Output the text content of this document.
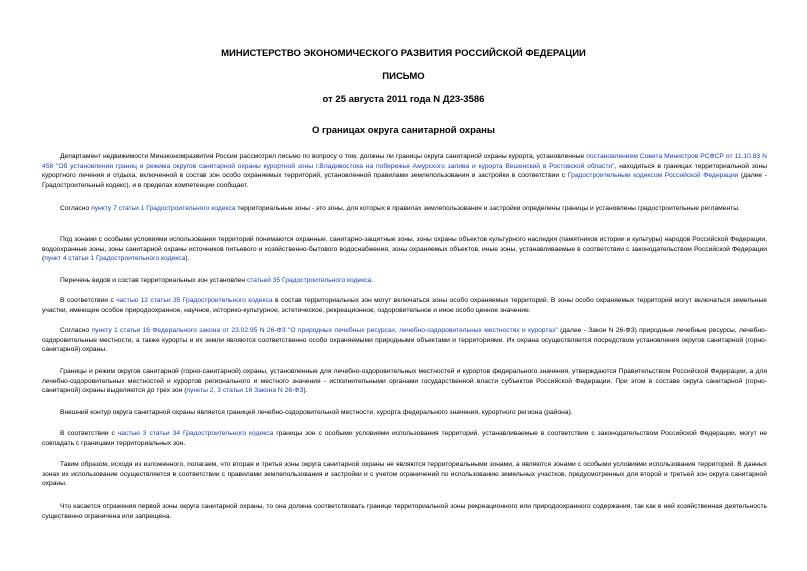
МИНИСТЕРСТВО ЭКОНОМИЧЕСКОГО РАЗВИТИЯ РОССИЙСКОЙ ФЕДЕРАЦИИ
ПИСЬМО
от 25 августа 2011 года N Д23-3586
О границах округа санитарной охраны

Департамент недвижимости Минэкономразвития России рассмотрел письмо по вопросу о том, должны ли границы округа санитарной охраны курорта, установленные постановлением Совета Министров РСФСР от 11.10.83 N 458 "Об установлении границ и режима округов санитарной охраны курортной зоны г.Владивостока на побережье Амурского залива и курорта Вешенский в Ростовской области", находиться в границах территориальной зоны курортного лечения и отдыха, включенной в состав зон особо охраняемых территорий, установленной правилами землепользования и застройки в соответствии с Градостроительным кодексом Российской Федерации (далее - Градостроительный кодекс), и в пределах компетенции сообщает.

Согласно пункту 7 статьи 1 Градостроительного кодекса территориальные зоны - это зоны, для которых в правилах землепользования и застройки определены границы и установлены градостроительные регламенты.

Под зонами с особыми условиями использования территорий понимаются охранные, санитарно-защитные зоны, зоны охраны объектов культурного наследия (памятников истории и культуры) народов Российской Федерации, водоохранные зоны, зоны санитарной охраны источников питьевого и хозяйственно-бытового водоснабжения, зоны охраняемых объектов, иные зоны, устанавливаемые в соответствии с законодательством Российской Федерации (пункт 4 статьи 1 Градостроительного кодекса).

Перечень видов и состав территориальных зон установлен статьей 35 Градостроительного кодекса.

В соответствии с частью 12 статьи 35 Градостроительного кодекса в состав территориальных зон могут включаться зоны особо охраняемых территорий. В зоны особо охраняемых территорий могут включаться земельные участки, имеющие особое природоохранное, научное, историко-культурное, эстетическое, рекреационное, оздоровительное и иное особо ценное значение.

Согласно пункту 1 статьи 16 Федерального закона от 23.02.95 N 26-ФЗ "О природных лечебных ресурсах, лечебно-оздоровительных местностях и курортах" (далее - Закон N 26-ФЗ) природные лечебные ресурсы, лечебно-оздоровительные местности, а также курорты и их земли являются соответственно особо охраняемыми природными объектами и территориями. Их охрана осуществляется посредством установления округов санитарной (горно-санитарной) охраны.

Границы и режим округов санитарной (горно-санитарной) охраны, установленные для лечебно-оздоровительных местностей и курортов федерального значения, утверждаются Правительством Российской Федерации, а для лечебно-оздоровительных местностей и курортов регионального и местного значения - исполнительными органами государственной власти субъектов Российской Федерации. При этом в составе округа санитарной (горно-санитарной) охраны выделяются до трех зон (пункты 2, 3 статьи 16 Закона N 26-ФЗ).

Внешний контур округа санитарной охраны является границей лечебно-оздоровительной местности, курорта федерального значения, курортного региона (района).

В соответствии с частью 3 статьи 34 Градостроительного кодекса границы зон с особыми условиями использования территорий, устанавливаемые в соответствии с законодательством Российской Федерации, могут не совпадать с границами территориальных зон.

Таким образом, исходя из изложенного, полагаем, что вторая и третья зоны округа санитарной охраны не являются территориальными зонами, а являются зонами с особыми условиями использования территорий. В данных зонах их использование осуществляется в соответствии с правилами землепользования и застройки и с учетом ограничений по использованию земельных участков, предусмотренных для второй и третьей зон округа санитарной охраны.

Что касается отражения первой зоны округа санитарной охраны, то она должна соответствовать границе территориальной зоны рекреационного или природоохранного содержания, так как в ней хозяйственная деятельность существенно ограничена или запрещена.
